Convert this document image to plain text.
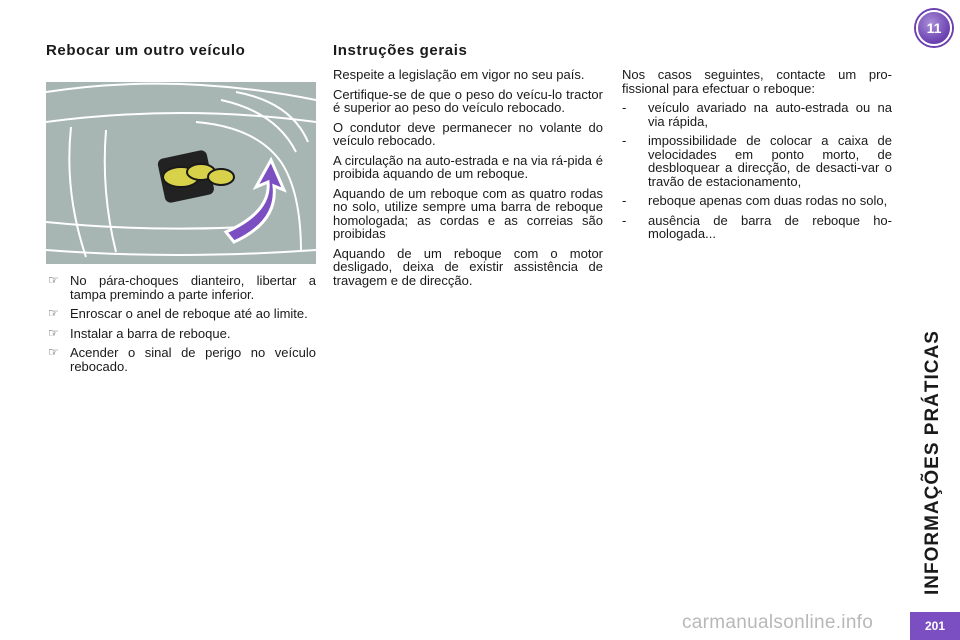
Rebocar um outro veículo
☞ No pára-choques dianteiro, libertar a tampa premindo a parte inferior.
☞ Enroscar o anel de reboque até ao limite.
☞ Instalar a barra de reboque.
☞ Acender o sinal de perigo no veículo rebocado.
Instruções gerais

Respeite a legislação em vigor no seu país.

Certifique-se de que o peso do veícu-lo tractor é superior ao peso do veículo rebocado.

O condutor deve permanecer no volante do veículo rebocado.

A circulação na auto-estrada e na via rá-pida é proibida aquando de um reboque.

Aquando de um reboque com as quatro rodas no solo, utilize sempre uma barra de reboque homologada; as cordas e as correias são proibidas

Aquando de um reboque com o motor desligado, deixa de existir assistência de travagem e de direcção.

Nos casos seguintes, contacte um pro-fissional para efectuar o reboque:

- veículo avariado na auto-estrada ou na via rápida,
- impossibilidade de colocar a caixa de velocidades em ponto morto, de desbloquear a direcção, de desacti-var o travão de estacionamento,
- reboque apenas com duas rodas no solo,
- ausência de barra de reboque ho-mologada...
11
INFORMAÇÕES PRÁTICAS
carmanualsonline.info	201
